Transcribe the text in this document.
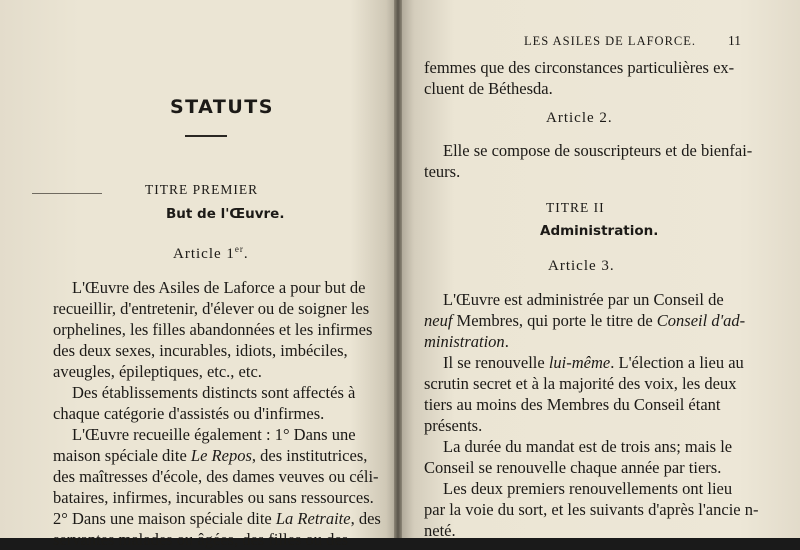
STATUTS
TITRE PREMIER
But de l'Œuvre.
Article 1er.
L'Œuvre des Asiles de Laforce a pour but de
recueillir, d'entretenir, d'élever ou de soigner les
orphelines, les filles abandonnées et les infirmes
des deux sexes, incurables, idiots, imbéciles,
aveugles, épileptiques, etc., etc.
Des établissements distincts sont affectés à
chaque catégorie d'assistés ou d'infirmes.
L'Œuvre recueille également : 1° Dans une
maison spéciale dite Le Repos, des institutrices,
des maîtresses d'école, des dames veuves ou céli-
bataires, infirmes, incurables ou sans ressources.
2° Dans une maison spéciale dite La Retraite, des
servantes malades ou âgées, des filles ou des
LES ASILES DE LAFORCE. 11
femmes que des circonstances particulières ex-
cluent de Béthesda.
Article 2.
Elle se compose de souscripteurs et de bienfai-
teurs.
TITRE II
Administration.
Article 3.
L'Œuvre est administrée par un Conseil de
neuf Membres, qui porte le titre de Conseil d'ad-
ministration.
Il se renouvelle lui-même. L'élection a lieu au
scrutin secret et à la majorité des voix, les deux
tiers au moins des Membres du Conseil étant
présents.
La durée du mandat est de trois ans; mais le
Conseil se renouvelle chaque année par tiers.
Les deux premiers renouvellements ont lieu
par la voie du sort, et les suivants d'après l'ancie n-
neté.
